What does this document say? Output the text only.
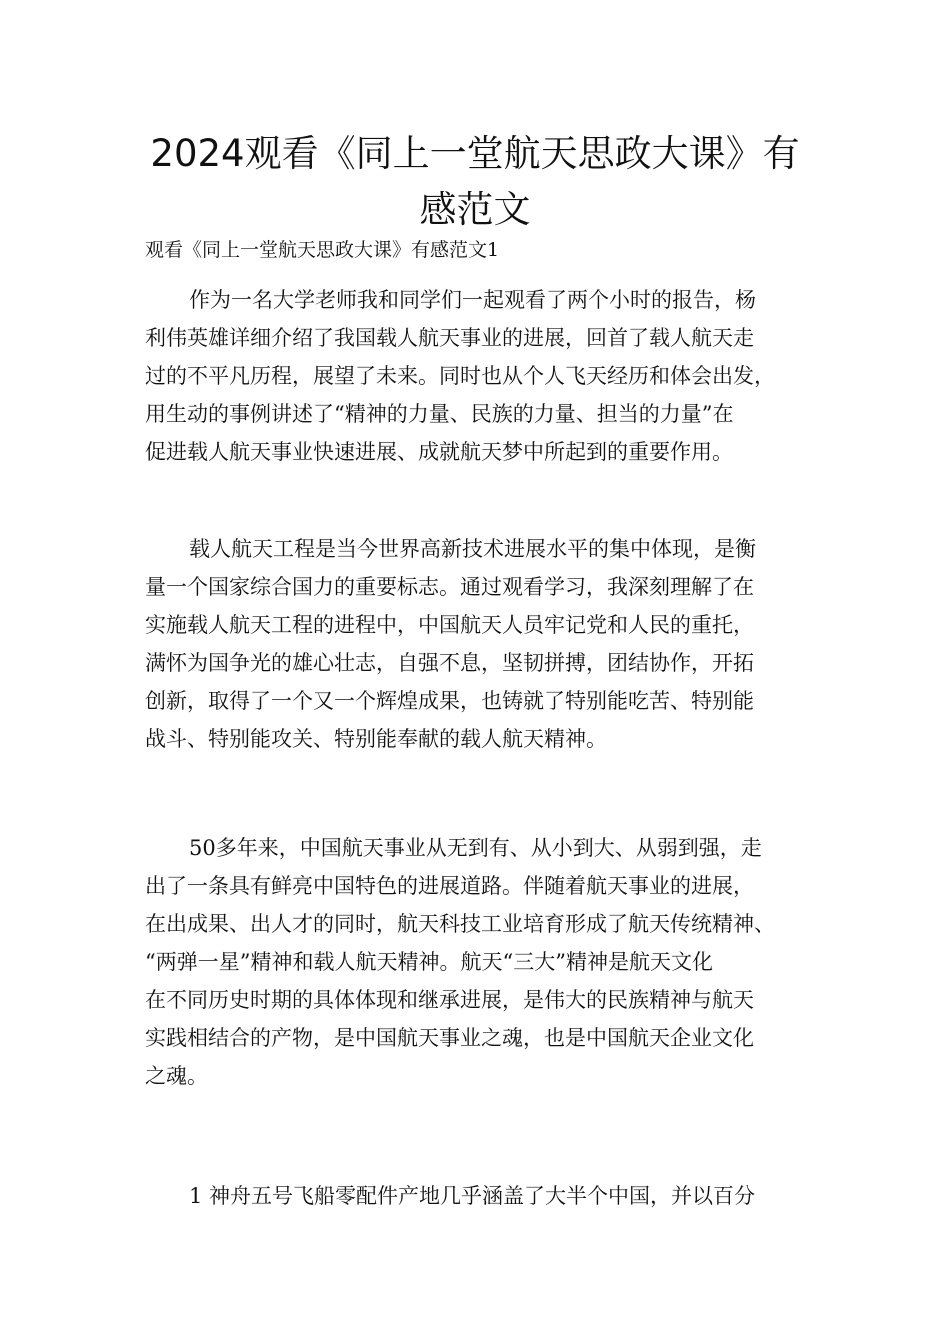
2024观看《同上一堂航天思政大课》有
感范文

观看《同上一堂航天思政大课》有感范文1

作为一名大学老师我和同学们一起观看了两个小时的报告，杨
利伟英雄详细介绍了我国载人航天事业的进展，回首了载人航天走
过的不平凡历程，展望了未来。同时也从个人飞天经历和体会出发，
用生动的事例讲述了“精神的力量、民族的力量、担当的力量”在
促进载人航天事业快速进展、成就航天梦中所起到的重要作用。
载人航天工程是当今世界高新技术进展水平的集中体现，是衡
量一个国家综合国力的重要标志。通过观看学习，我深刻理解了在
实施载人航天工程的进程中，中国航天人员牢记党和人民的重托，
满怀为国争光的雄心壮志，自强不息，坚韧拼搏，团结协作，开拓
创新，取得了一个又一个辉煌成果，也铸就了特别能吃苦、特别能
战斗、特别能攻关、特别能奉献的载人航天精神。
50多年来，中国航天事业从无到有、从小到大、从弱到强，走
出了一条具有鲜亮中国特色的进展道路。伴随着航天事业的进展，
在出成果、出人才的同时，航天科技工业培育形成了航天传统精神、
“两弹一星”精神和载人航天精神。航天“三大”精神是航天文化
在不同历史时期的具体体现和继承进展，是伟大的民族精神与航天
实践相结合的产物，是中国航天事业之魂，也是中国航天企业文化
之魂。
1 神舟五号飞船零配件产地几乎涵盖了大半个中国，并以百分
